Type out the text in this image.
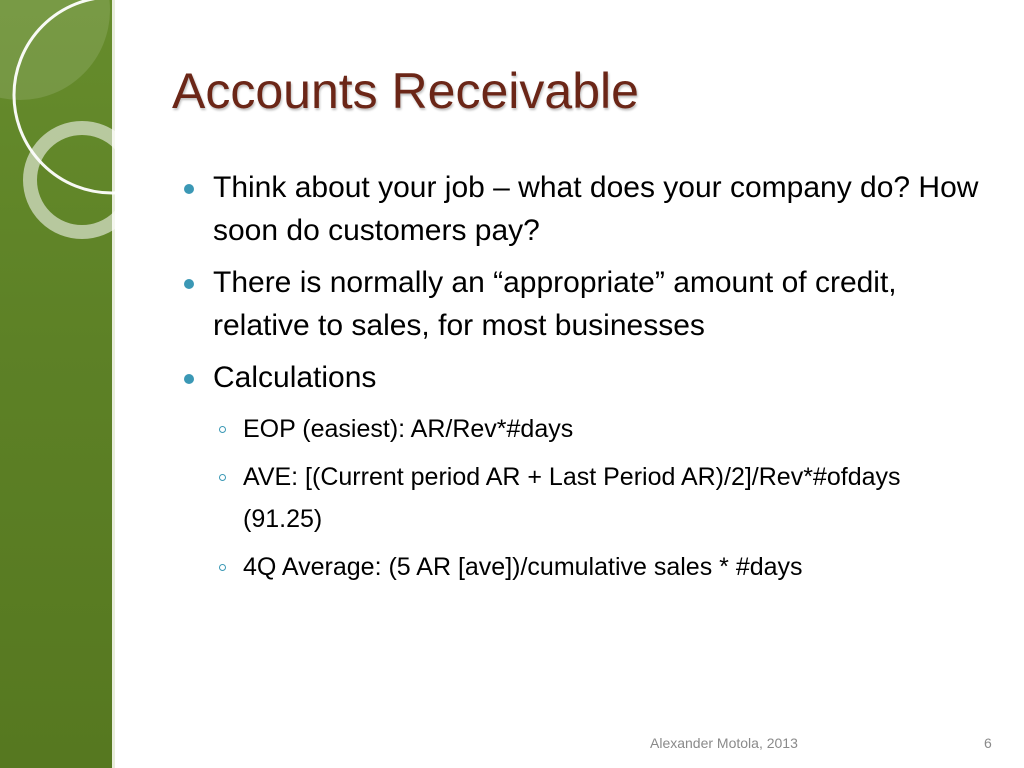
Accounts Receivable
Think about your job – what does your company do? How soon do customers pay?
There is normally an “appropriate” amount of credit, relative to sales, for most businesses
Calculations
EOP (easiest): AR/Rev*#days
AVE: [(Current period AR + Last Period AR)/2]/Rev*#ofdays (91.25)
4Q Average: (5 AR [ave])/cumulative sales * #days
Alexander Motola, 2013	6
